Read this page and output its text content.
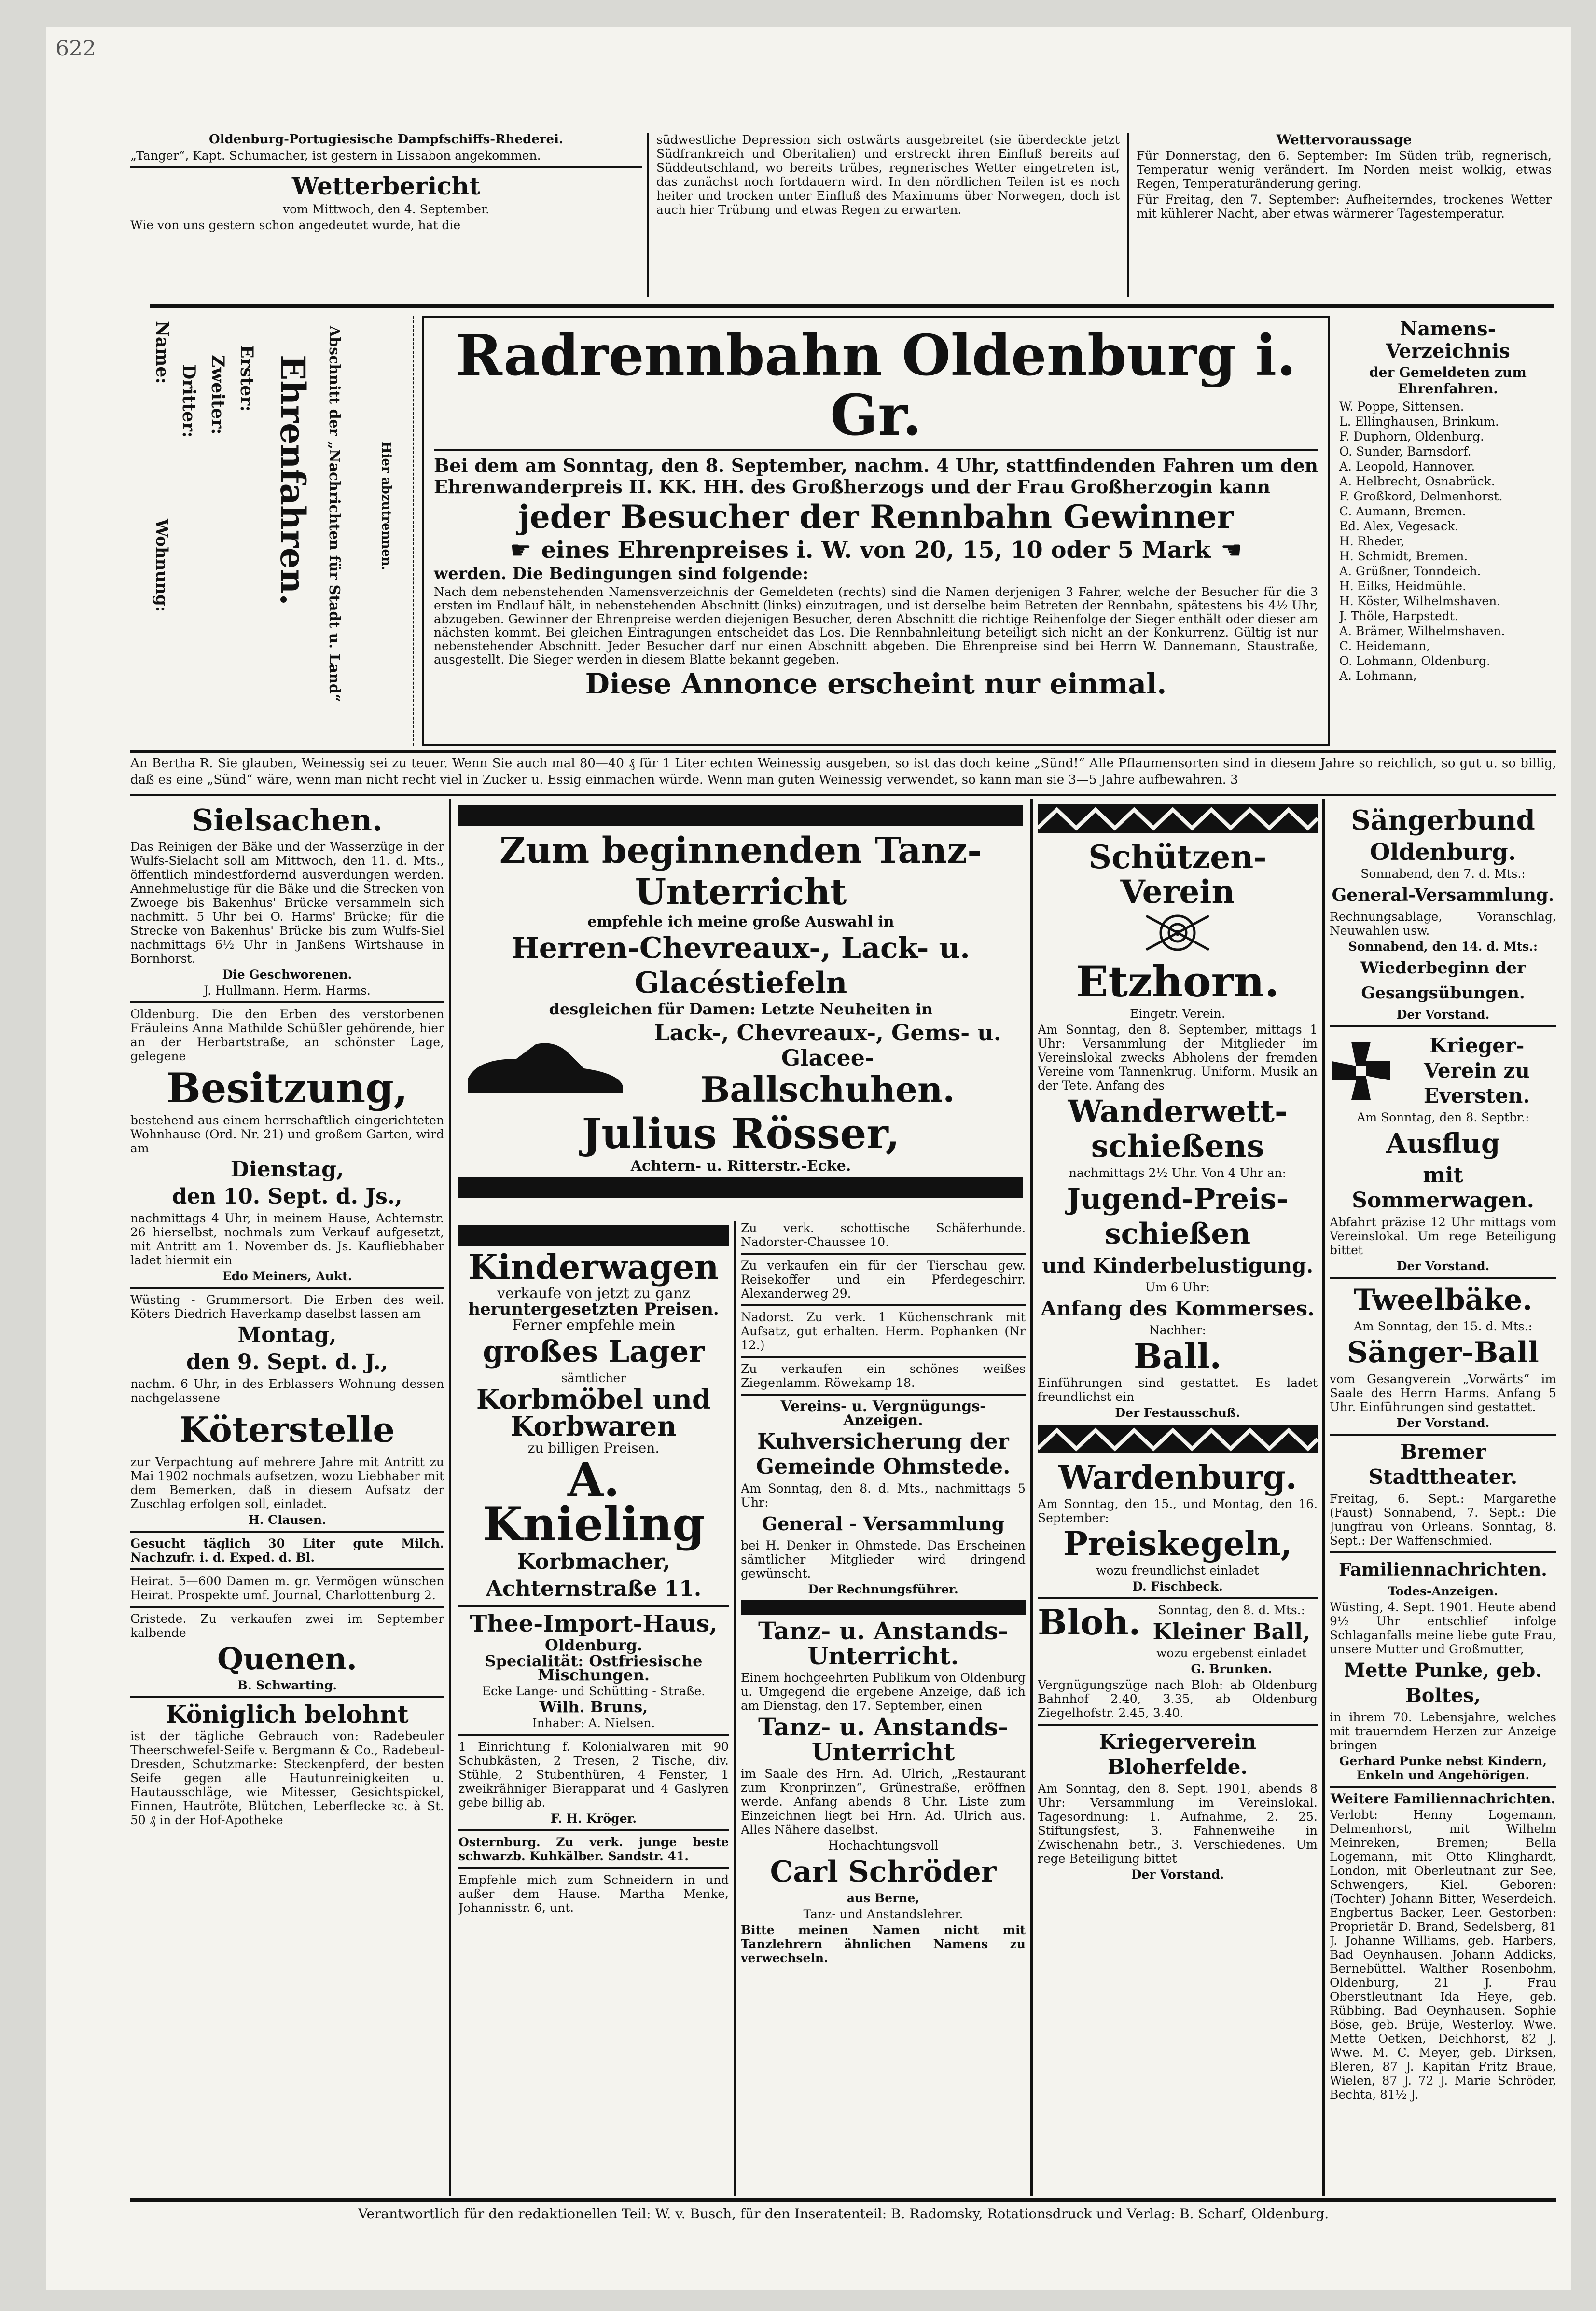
622

Oldenburg-Portugiesische Dampfschiffs-Rhederei.

„Tanger“, Kapt. Schumacher, ist gestern in Lissabon angekommen.

Wetterbericht

vom Mittwoch, den 4. September.

Wie von uns gestern schon angedeutet wurde, hat die

südwestliche Depression sich ostwärts ausgebreitet (sie überdeckte jetzt Südfrankreich und Oberitalien) und erstreckt ihren Einfluß bereits auf Süddeutschland, wo bereits trübes, regnerisches Wetter eingetreten ist, das zunächst noch fortdauern wird. In den nördlichen Teilen ist es noch heiter und trocken unter Einfluß des Maximums über Norwegen, doch ist auch hier Trübung und etwas Regen zu erwarten.

Wettervoraussage

Für Donnerstag, den 6. September: Im Süden trüb, regnerisch, Temperatur wenig verändert. Im Norden meist wolkig, etwas Regen, Temperaturänderung gering.

Für Freitag, den 7. September: Aufheiterndes, trockenes Wetter mit kühlerer Nacht, aber etwas wärmerer Tagestemperatur.

Name:
Dritter: Zweiter: Erster:
Wohnung:	Ehrenfahren. Abschnitt der „Nachrichten für Stadt u. Land“	Hier abzutrennen.
Radrennbahn Oldenburg i. Gr.

Bei dem am Sonntag, den 8. September, nachm. 4 Uhr, stattfindenden Fahren um den Ehrenwanderpreis II. KK. HH. des Großherzogs und der Frau Großherzogin kann

jeder Besucher der Rennbahn Gewinner
☛ eines Ehrenpreises i. W. von 20, 15, 10 oder 5 Mark ☛

werden. Die Bedingungen sind folgende:

Nach dem nebenstehenden Namensverzeichnis der Gemeldeten (rechts) sind die Namen derjenigen 3 Fahrer, welche der Besucher für die 3 ersten im Endlauf hält, in nebenstehenden Abschnitt (links) einzutragen, und ist derselbe beim Betreten der Rennbahn, spätestens bis 4½ Uhr, abzugeben. Gewinner der Ehrenpreise werden diejenigen Besucher, deren Abschnitt die richtige Reihenfolge der Sieger enthält oder dieser am nächsten kommt. Bei gleichen Eintragungen entscheidet das Los. Die Rennbahnleitung beteiligt sich nicht an der Konkurrenz. Gültig ist nur nebenstehender Abschnitt. Jeder Besucher darf nur einen Abschnitt abgeben. Die Ehrenpreise sind bei Herrn W. Dannemann, Staustraße, ausgestellt. Die Sieger werden in diesem Blatte bekannt gegeben.

Diese Annonce erscheint nur einmal.
Namens-Verzeichnis

der Gemeldeten zum Ehrenfahren.

W. Poppe, Sittensen.
L. Ellinghausen, Brinkum.
F. Duphorn, Oldenburg.
O. Sunder, Barnsdorf.
A. Leopold, Hannover.
A. Helbrecht, Osnabrück.
F. Großkord, Delmenhorst.
C. Aumann, Bremen.
Ed. Alex, Vegesack.
H. Rheder,
H. Schmidt, Bremen.
A. Grüßner, Tonndeich.
H. Eilks, Heidmühle.
H. Köster, Wilhelmshaven.
J. Thöle, Harpstedt.
A. Brämer, Wilhelmshaven.
C. Heidemann,
O. Lohmann, Oldenburg.
A. Lohmann,

An Bertha R. Sie glauben, Weinessig sei zu teuer. Wenn Sie auch mal 80—40 ₰ für 1 Liter echten Weinessig ausgeben, so ist das doch keine „Sünd!“ Alle Pflaumensorten sind in diesem Jahre so reichlich, so gut u. so billig, daß es eine „Sünd“ wäre, wenn man nicht recht viel in Zucker u. Essig einmachen würde. Wenn man guten Weinessig verwendet, so kann man sie 3—5 Jahre aufbewahren. 3

Sielsachen.

Das Reinigen der Bäke und der Wasserzüge in der Wulfs-Sielacht soll am Mittwoch, den 11. d. Mts., öffentlich mindestfordernd ausverdungen werden. Annehmelustige für die Bäke und die Strecken von Zwoege bis Bakenhus' Brücke versammeln sich nachmitt. 5 Uhr bei O. Harms' Brücke; für die Strecke von Bakenhus' Brücke bis zum Wulfs-Siel nachmittags 6½ Uhr in Janßens Wirtshause in Bornhorst.

Die Geschworenen.

J. Hullmann. Herm. Harms.

Oldenburg. Die den Erben des verstorbenen Fräuleins Anna Mathilde Schüßler gehörende, hier an der Herbartstraße, an schönster Lage, gelegene

Besitzung,

bestehend aus einem herrschaftlich eingerichteten Wohnhause (Ord.-Nr. 21) und großem Garten, wird am

Dienstag,
den 10. Sept. d. Js.,

nachmittags 4 Uhr, in meinem Hause, Achternstr. 26 hierselbst, nochmals zum Verkauf aufgesetzt, mit Antritt am 1. November ds. Js. Kaufliebhaber ladet hiermit ein

Edo Meiners, Aukt.

Wüsting - Grummersort. Die Erben des weil. Köters Diedrich Haverkamp daselbst lassen am

Montag,
den 9. Sept. d. J.,

nachm. 6 Uhr, in des Erblassers Wohnung dessen nachgelassene

Köterstelle

zur Verpachtung auf mehrere Jahre mit Antritt zu Mai 1902 nochmals aufsetzen, wozu Liebhaber mit dem Bemerken, daß in diesem Aufsatz der Zuschlag erfolgen soll, einladet.

H. Clausen.

Gesucht täglich 30 Liter gute Milch. Nachzufr. i. d. Exped. d. Bl.

Heirat. 5—600 Damen m. gr. Vermögen wünschen Heirat. Prospekte umf. Journal, Charlottenburg 2.

Gristede. Zu verkaufen zwei im September kalbende

Quenen.

B. Schwarting.

Königlich belohnt

ist der tägliche Gebrauch von: Radebeuler Theerschwefel-Seife v. Bergmann & Co., Radebeul-Dresden, Schutzmarke: Steckenpferd, der besten Seife gegen alle Hautunreinigkeiten u. Hautausschläge, wie Mitesser, Gesichtspickel, Finnen, Hautröte, Blütchen, Leberflecke ꝛc. à St. 50 ₰ in der Hof-Apotheke

Zum beginnenden Tanz-Unterricht

empfehle ich meine große Auswahl in

Herren-Chevreaux-, Lack- u. Glacéstiefeln

desgleichen für Damen: Letzte Neuheiten in

Lack-, Chevreaux-, Gems- u. Glacee-
Ballschuhen.
Julius Rösser,

Achtern- u. Ritterstr.-Ecke.

Kinderwagen

verkaufe von jetzt zu ganz

heruntergesetzten Preisen.

Ferner empfehle mein

großes Lager

sämtlicher

Korbmöbel und
Korbwaren

zu billigen Preisen.

A. Knieling
Korbmacher,
Achternstraße 11.
Thee-Import-Haus,

Oldenburg.

Specialität: Ostfriesische Mischungen.

Ecke Lange- und Schütting - Straße.

Wilh. Bruns,

Inhaber: A. Nielsen.

1 Einrichtung f. Kolonialwaren mit 90 Schubkästen, 2 Tresen, 2 Tische, div. Stühle, 2 Stubenthüren, 4 Fenster, 1 zweikrähniger Bierapparat und 4 Gaslyren gebe billig ab.

F. H. Kröger.

Osternburg. Zu verk. junge beste schwarzb. Kuhkälber. Sandstr. 41.

Empfehle mich zum Schneidern in und außer dem Hause. Martha Menke, Johannisstr. 6, unt.

Zu verk. schottische Schäferhunde. Nadorster-Chaussee 10.

Zu verkaufen ein für der Tierschau gew. Reisekoffer und ein Pferdegeschirr. Alexanderweg 29.

Nadorst. Zu verk. 1 Küchenschrank mit Aufsatz, gut erhalten. Herm. Pophanken (Nr 12.)

Zu verkaufen ein schönes weißes Ziegenlamm. Röwekamp 18.

Vereins- u. Vergnügungs-Anzeigen.

Kuhversicherung der Gemeinde Ohmstede.

Am Sonntag, den 8. d. Mts., nachmittags 5 Uhr:

General - Versammlung

bei H. Denker in Ohmstede. Das Erscheinen sämtlicher Mitglieder wird dringend gewünscht.

Der Rechnungsführer.

Tanz- u. Anstands-Unterricht.

Einem hochgeehrten Publikum von Oldenburg u. Umgegend die ergebene Anzeige, daß ich am Dienstag, den 17. September, einen

Tanz- u. Anstands-Unterricht

im Saale des Hrn. Ad. Ulrich, „Restaurant zum Kronprinzen“, Grünestraße, eröffnen werde. Anfang abends 8 Uhr. Liste zum Einzeichnen liegt bei Hrn. Ad. Ulrich aus. Alles Nähere daselbst.

Hochachtungsvoll

Carl Schröder

aus Berne,

Tanz- und Anstandslehrer.

Bitte meinen Namen nicht mit Tanzlehrern ähnlichen Namens zu verwechseln.

Schützen-Verein
Etzhorn.

Eingetr. Verein.

Am Sonntag, den 8. September, mittags 1 Uhr: Versammlung der Mitglieder im Vereinslokal zwecks Abholens der fremden Vereine vom Tannenkrug. Uniform. Musik an der Tete. Anfang des

Wanderwett-schießens

nachmittags 2½ Uhr. Von 4 Uhr an:

Jugend-Preis-schießen
und Kinderbelustigung.

Um 6 Uhr:

Anfang des Kommerses.

Nachher:

Ball.

Einführungen sind gestattet. Es ladet freundlichst ein

Der Festausschuß.

Wardenburg.

Am Sonntag, den 15., und Montag, den 16. September:

Preiskegeln,

wozu freundlichst einladet

D. Fischbeck.

Bloh.	Sonntag, den 8. d. Mts.:

Kleiner Ball,

wozu ergebenst einladet

G. Brunken.

Vergnügungszüge nach Bloh: ab Oldenburg Bahnhof 2.40, 3.35, ab Oldenburg Ziegelhofstr. 2.45, 3.40.

Kriegerverein Bloherfelde.

Am Sonntag, den 8. Sept. 1901, abends 8 Uhr: Versammlung im Vereinslokal. Tagesordnung: 1. Aufnahme, 2. 25. Stiftungsfest, 3. Fahnenweihe in Zwischenahn betr., 3. Verschiedenes. Um rege Beteiligung bittet

Der Vorstand.

Sängerbund
Oldenburg.

Sonnabend, den 7. d. Mts.:

General-Versammlung.

Rechnungsablage, Voranschlag, Neuwahlen usw.

Sonnabend, den 14. d. Mts.:

Wiederbeginn der Gesangsübungen.

Der Vorstand.

Krieger-Verein zu Eversten.

Am Sonntag, den 8. Septbr.:

Ausflug
mit Sommerwagen.

Abfahrt präzise 12 Uhr mittags vom Vereinslokal. Um rege Beteiligung bittet

Der Vorstand.

Tweelbäke.

Am Sonntag, den 15. d. Mts.:

Sänger-Ball

vom Gesangverein „Vorwärts“ im Saale des Herrn Harms. Anfang 5 Uhr. Einführungen sind gestattet.

Der Vorstand.

Bremer Stadttheater.

Freitag, 6. Sept.: Margarethe (Faust) Sonnabend, 7. Sept.: Die Jungfrau von Orleans. Sonntag, 8. Sept.: Der Waffenschmied.

Familiennachrichten.

Todes-Anzeigen.

Wüsting, 4. Sept. 1901. Heute abend 9½ Uhr entschlief infolge Schlaganfalls meine liebe gute Frau, unsere Mutter und Großmutter,

Mette Punke, geb. Boltes,

in ihrem 70. Lebensjahre, welches mit trauerndem Herzen zur Anzeige bringen

Gerhard Punke nebst Kindern, Enkeln und Angehörigen.

Weitere Familiennachrichten.

Verlobt: Henny Logemann, Delmenhorst, mit Wilhelm Meinreken, Bremen; Bella Logemann, mit Otto Klinghardt, London, mit Oberleutnant zur See, Schwengers, Kiel. Geboren: (Tochter) Johann Bitter, Weserdeich. Engbertus Backer, Leer. Gestorben: Proprietär D. Brand, Sedelsberg, 81 J. Johanne Williams, geb. Harbers, Bad Oeynhausen. Johann Addicks, Bernebüttel. Walther Rosenbohm, Oldenburg, 21 J. Frau Oberstleutnant Ida Heye, geb. Rübbing. Bad Oeynhausen. Sophie Böse, geb. Brüje, Westerloy. Wwe. Mette Oetken, Deichhorst, 82 J. Wwe. M. C. Meyer, geb. Dirksen, Bleren, 87 J. Kapitän Fritz Braue, Wielen, 87 J. 72 J. Marie Schröder, Bechta, 81½ J.

Verantwortlich für den redaktionellen Teil: W. v. Busch, für den Inseratenteil: B. Radomsky, Rotationsdruck und Verlag: B. Scharf, Oldenburg.
